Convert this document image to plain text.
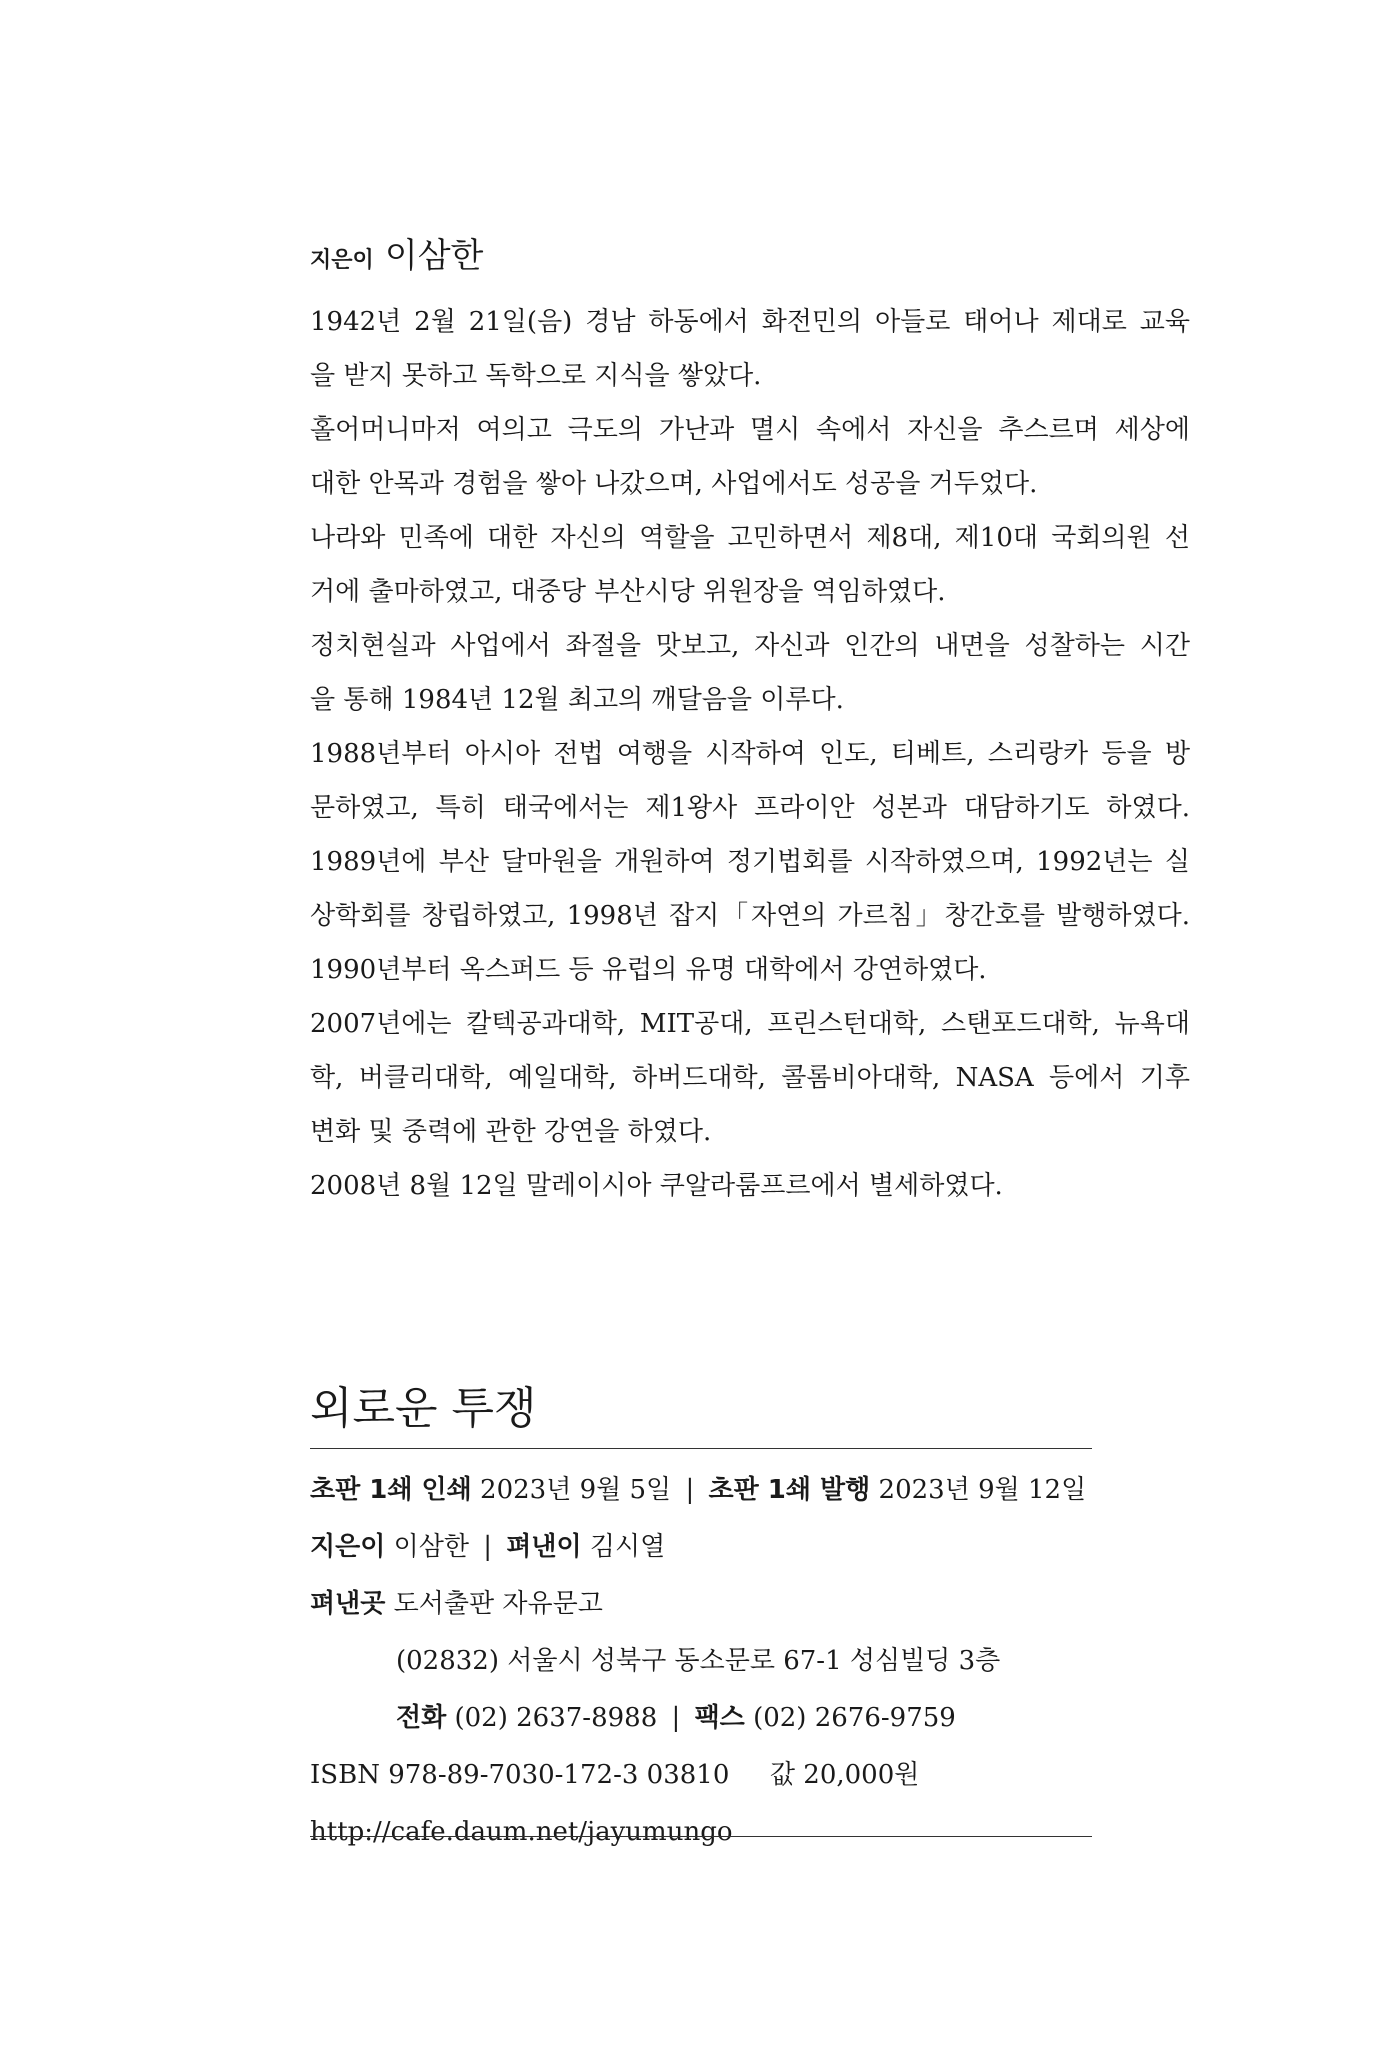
지은이 이삼한
1942년 2월 21일(음) 경남 하동에서 화전민의 아들로 태어나 제대로 교육
을 받지 못하고 독학으로 지식을 쌓았다.
홀어머니마저 여의고 극도의 가난과 멸시 속에서 자신을 추스르며 세상에
대한 안목과 경험을 쌓아 나갔으며, 사업에서도 성공을 거두었다.
나라와 민족에 대한 자신의 역할을 고민하면서 제8대, 제10대 국회의원 선
거에 출마하였고, 대중당 부산시당 위원장을 역임하였다.
정치현실과 사업에서 좌절을 맛보고, 자신과 인간의 내면을 성찰하는 시간
을 통해 1984년 12월 최고의 깨달음을 이루다.
1988년부터 아시아 전법 여행을 시작하여 인도, 티베트, 스리랑카 등을 방
문하였고, 특히 태국에서는 제1왕사 프라이안 성본과 대담하기도 하였다.
1989년에 부산 달마원을 개원하여 정기법회를 시작하였으며, 1992년는 실
상학회를 창립하였고, 1998년 잡지「자연의 가르침」창간호를 발행하였다.
1990년부터 옥스퍼드 등 유럽의 유명 대학에서 강연하였다.
2007년에는 칼텍공과대학, MIT공대, 프린스턴대학, 스탠포드대학, 뉴욕대
학, 버클리대학, 예일대학, 하버드대학, 콜롬비아대학, NASA 등에서 기후
변화 및 중력에 관한 강연을 하였다.
2008년 8월 12일 말레이시아 쿠알라룸프르에서 별세하였다.
외로운 투쟁
초판 1쇄 인쇄 2023년 9월 5일 | 초판 1쇄 발행 2023년 9월 12일
지은이 이삼한 | 펴낸이 김시열
펴낸곳 도서출판 자유문고
(02832) 서울시 성북구 동소문로 67-1 성심빌딩 3층
전화 (02) 2637-8988 | 팩스 (02) 2676-9759
ISBN 978-89-7030-172-3 03810 값 20,000원
http://cafe.daum.net/jayumungo
